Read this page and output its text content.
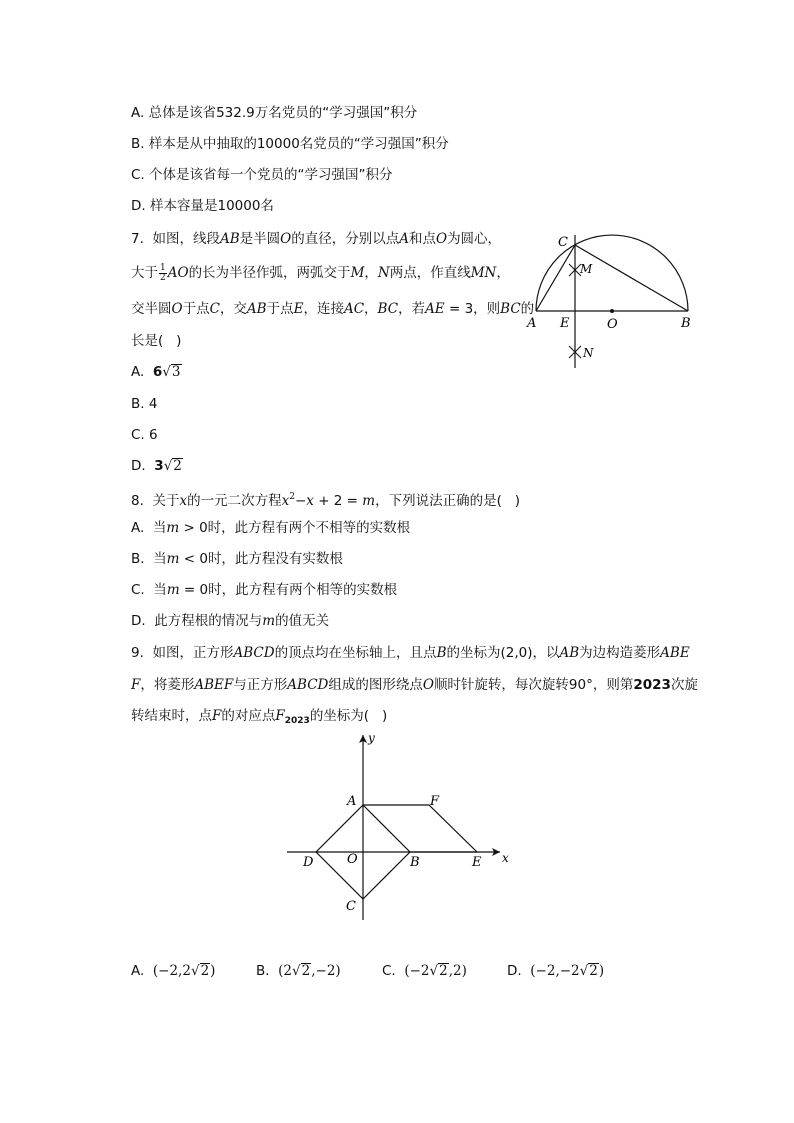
A. 总体是该省532.9万名党员的“学习强国”积分
B. 样本是从中抽取的10000名党员的“学习强国”积分
C. 个体是该省每一个党员的“学习强国”积分
D. 样本容量是10000名
7.  如图，线段AB是半圆O的直径，分别以点A和点O为圆心，
大于 $\frac{1}{2}$ AO的长为半径作弧，两弧交于M，N两点，作直线MN，
交半圆O于点C，交AB于点E，连接AC，BC，若AE = 3，则BC的
长是(   )
C
M
A E	O	B
N
A. 6√3
B. 4
C. 6
D. 3√2
8.  关于x的一元二次方程$x^2-x + 2 = m$，下列说法正确的是(   )
A.  当m > 0时，此方程有两个不相等的实数根
B.  当m < 0时，此方程没有实数根
C.  当m = 0时，此方程有两个相等的实数根
D.  此方程根的情况与m的值无关
9.  如图，正方形ABCD的顶点均在坐标轴上，且点B的坐标为(2,0)，以AB为边构造菱形ABE
F，将菱形ABEF与正方形ABCD组成的图形绕点O顺时针旋转，每次旋转90°，则第2023次旋
转结束时，点F的对应点$F_{2023}$的坐标为(   )
y
x
A	F
D	O	B	E
C
A. (−2,2√2)	B. (2√2,−2)	C. (−2√2,2)	D. (−2,−2√2)
